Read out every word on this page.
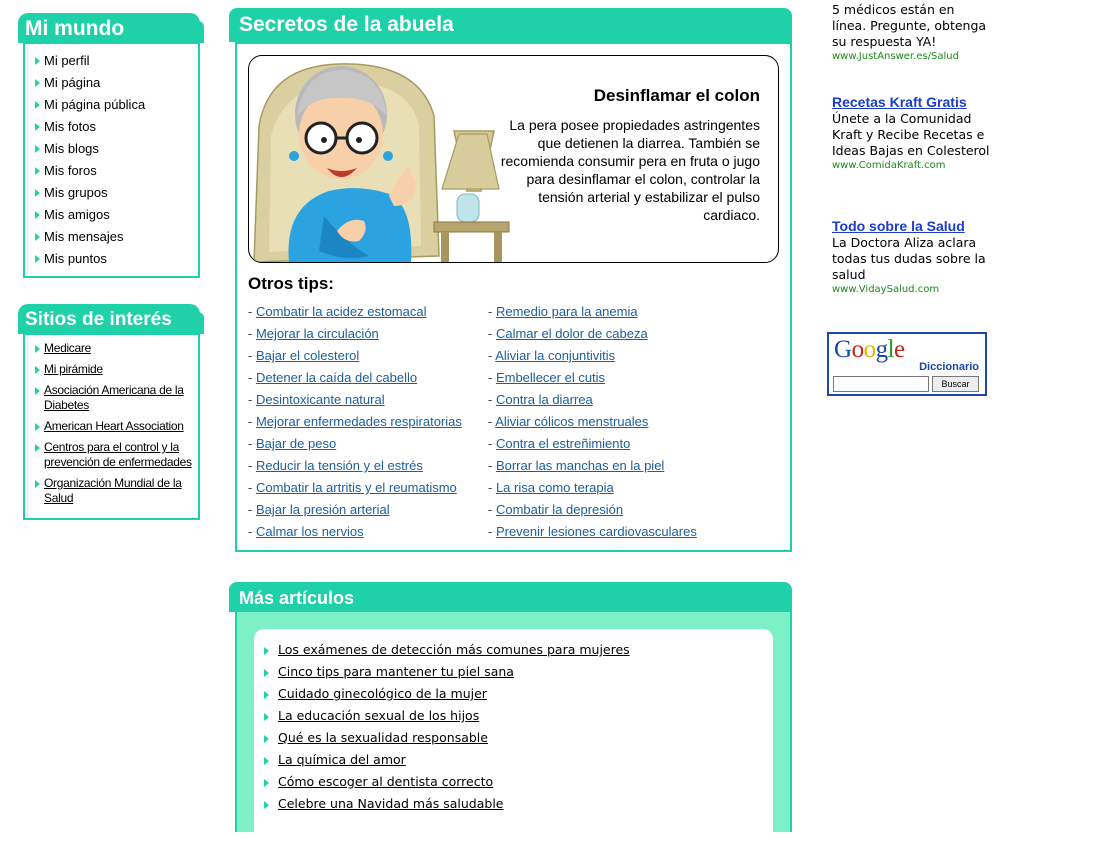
Mi mundo
Mi perfil
Mi página
Mi página pública
Mis fotos
Mis blogs
Mis foros
Mis grupos
Mis amigos
Mis mensajes
Mis puntos
Sitios de interés
Medicare
Mi pirámide
Asociación Americana de la Diabetes
American Heart Association
Centros para el control y la prevención de enfermedades
Organización Mundial de la Salud
Secretos de la abuela
Desinflamar el colon
La pera posee propiedades astringentes que detienen la diarrea. También se recomienda consumir pera en fruta o jugo para desinflamar el colon, controlar la tensión arterial y estabilizar el pulso cardiaco.
Otros tips:
- Combatir la acidez estomacal
- Mejorar la circulación
- Bajar el colesterol
- Detener la caída del cabello
- Desintoxicante natural
- Mejorar enfermedades respiratorias
- Bajar de peso
- Reducir la tensión y el estrés
- Combatir la artritis y el reumatismo
- Bajar la presión arterial
- Calmar los nervios
- Remedio para la anemia
- Calmar el dolor de cabeza
- Aliviar la conjuntivitis
- Embellecer el cutis
- Contra la diarrea
- Aliviar cólicos menstruales
- Contra el estreñimiento
- Borrar las manchas en la piel
- La risa como terapia
- Combatir la depresión
- Prevenir lesiones cardiovasculares
Más artículos
Los exámenes de detección más comunes para mujeres
Cinco tips para mantener tu piel sana
Cuidado ginecológico de la mujer
La educación sexual de los hijos
Qué es la sexualidad responsable
La química del amor
Cómo escoger al dentista correcto
Celebre una Navidad más saludable
5 médicos están en línea. Pregunte, obtenga su respuesta YA!
www.JustAnswer.es/Salud
Recetas Kraft Gratis
Únete a la Comunidad Kraft y Recibe Recetas e Ideas Bajas en Colesterol
www.ComidaKraft.com
Todo sobre la Salud
La Doctora Aliza aclara todas tus dudas sobre la salud
www.VidaySalud.com
Google
Diccionario
Buscar
